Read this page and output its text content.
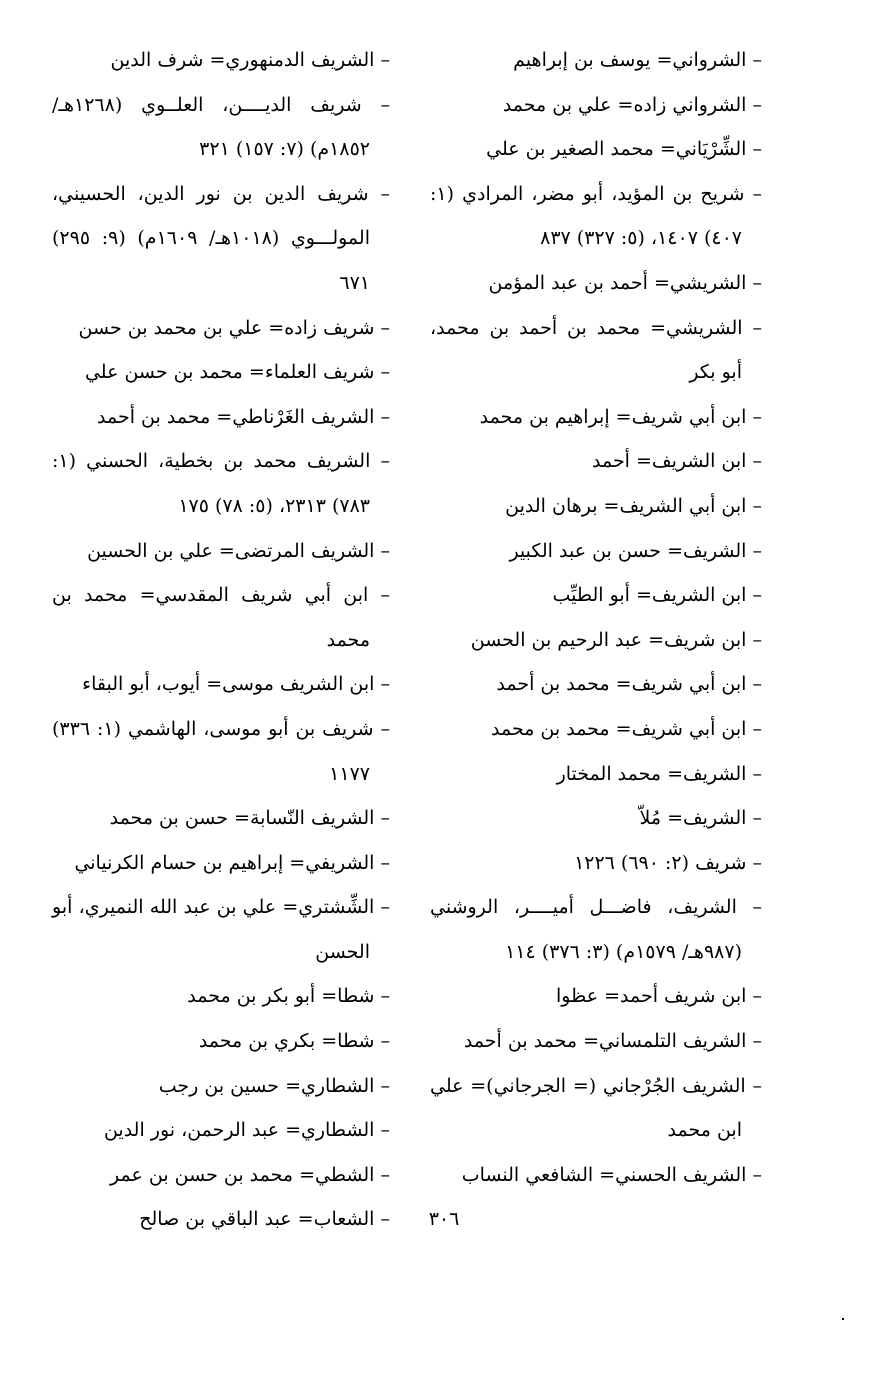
– الشرواني= يوسف بن إبراهيم

– الشرواني زاده= علي بن محمد

– الشِّرْيَاني= محمد الصغير بن علي

– شريح بن المؤيد، أبو مضر، المرادي (١: ٤٠٧) ١٤٠٧، (٥: ٣٢٧) ٨٣٧

– الشريشي= أحمد بن عبد المؤمن

– الشريشي= محمد بن أحمد بن محمد، أبو بكر

– ابن أبي شريف= إبراهيم بن محمد

– ابن الشريف= أحمد

– ابن أبي الشريف= برهان الدين

– الشريف= حسن بن عبد الكبير

– ابن الشريف= أبو الطيِّب

– ابن شريف= عبد الرحيم بن الحسن

– ابن أبي شريف= محمد بن أحمد

– ابن أبي شريف= محمد بن محمد

– الشريف= محمد المختار

– الشريف= مُلاّ

– شريف (٢: ٦٩٠) ١٢٢٦

– الشريف، فاضـــل أميــــر، الروشني (٩٨٧هـ/ ١٥٧٩م) (٣: ٣٧٦) ١١٤

– ابن شريف أحمد= عظوا

– الشريف التلمساني= محمد بن أحمد

– الشريف الجُرْجاني (= الجرجاني)= علي ابن محمد

– الشريف الحسني= الشافعي النساب

– الشريف الدمنهوري= شرف الدين

– شريف الديــــن، العلــوي (١٢٦٨هـ/ ١٨٥٢م) (٧: ١٥٧) ٣٢١

– شريف الدين بن نور الدين، الحسيني، المولـــوي (١٠١٨هـ/ ١٦٠٩م) (٩: ٢٩٥) ٦٧١

– شريف زاده= علي بن محمد بن حسن

– شريف العلماء= محمد بن حسن علي

– الشريف الغَرْناطي= محمد بن أحمد

– الشريف محمد بن بخطية، الحسني (١: ٧٨٣) ٢٣١٣، (٥: ٧٨) ١٧٥

– الشريف المرتضى= علي بن الحسين

– ابن أبي شريف المقدسي= محمد بن محمد

– ابن الشريف موسى= أيوب، أبو البقاء

– شريف بن أبو موسى، الهاشمي (١: ٣٣٦) ١١٧٧

– الشريف النّسابة= حسن بن محمد

– الشريفي= إبراهيم بن حسام الكرنياني

– الشِّشتري= علي بن عبد الله النميري، أبو الحسن

– شطا= أبو بكر بن محمد

– شطا= بكري بن محمد

– الشطاري= حسين بن رجب

– الشطاري= عبد الرحمن، نور الدين

– الشطي= محمد بن حسن بن عمر

– الشعاب= عبد الباقي بن صالح	٣٠٦
